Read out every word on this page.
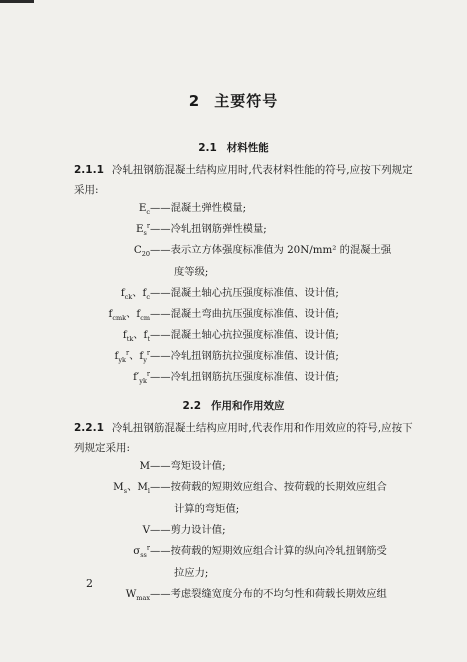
2 主要符号
2.1 材料性能
2.1.1 冷轧扭钢筋混凝土结构应用时,代表材料性能的符号,应按下列规定采用:
$E_c——$混凝土弹性模量;
$E_s^r——$冷轧扭钢筋弹性模量;
$C_{20}——$表示立方体强度标准值为 20N/mm² 的混凝土强
度等级;
$f_{ck}$、$f_c——$混凝土轴心抗压强度标准值、设计值;
$f_{cmk}$、$f_{cm}——$混凝土弯曲抗压强度标准值、设计值;
$f_{tk}$、$f_t——$混凝土轴心抗拉强度标准值、设计值;
$f_{yk}^r$、$f_y^r——$冷轧扭钢筋抗拉强度标准值、设计值;
$f'_{yk}^r——$冷轧扭钢筋抗压强度标准值、设计值;
2.2 作用和作用效应
2.2.1 冷轧扭钢筋混凝土结构应用时,代表作用和作用效应的符号,应按下列规定采用:
M——弯矩设计值;
$M_s$、$M_l——$按荷载的短期效应组合、按荷载的长期效应组合
计算的弯矩值;
V——剪力设计值;
$\sigma_{ss}^r——$按荷载的短期效应组合计算的纵向冷轧扭钢筋受
拉应力;
$W_{max}——$考虑裂缝宽度分布的不均匀性和荷载长期效应组
2
